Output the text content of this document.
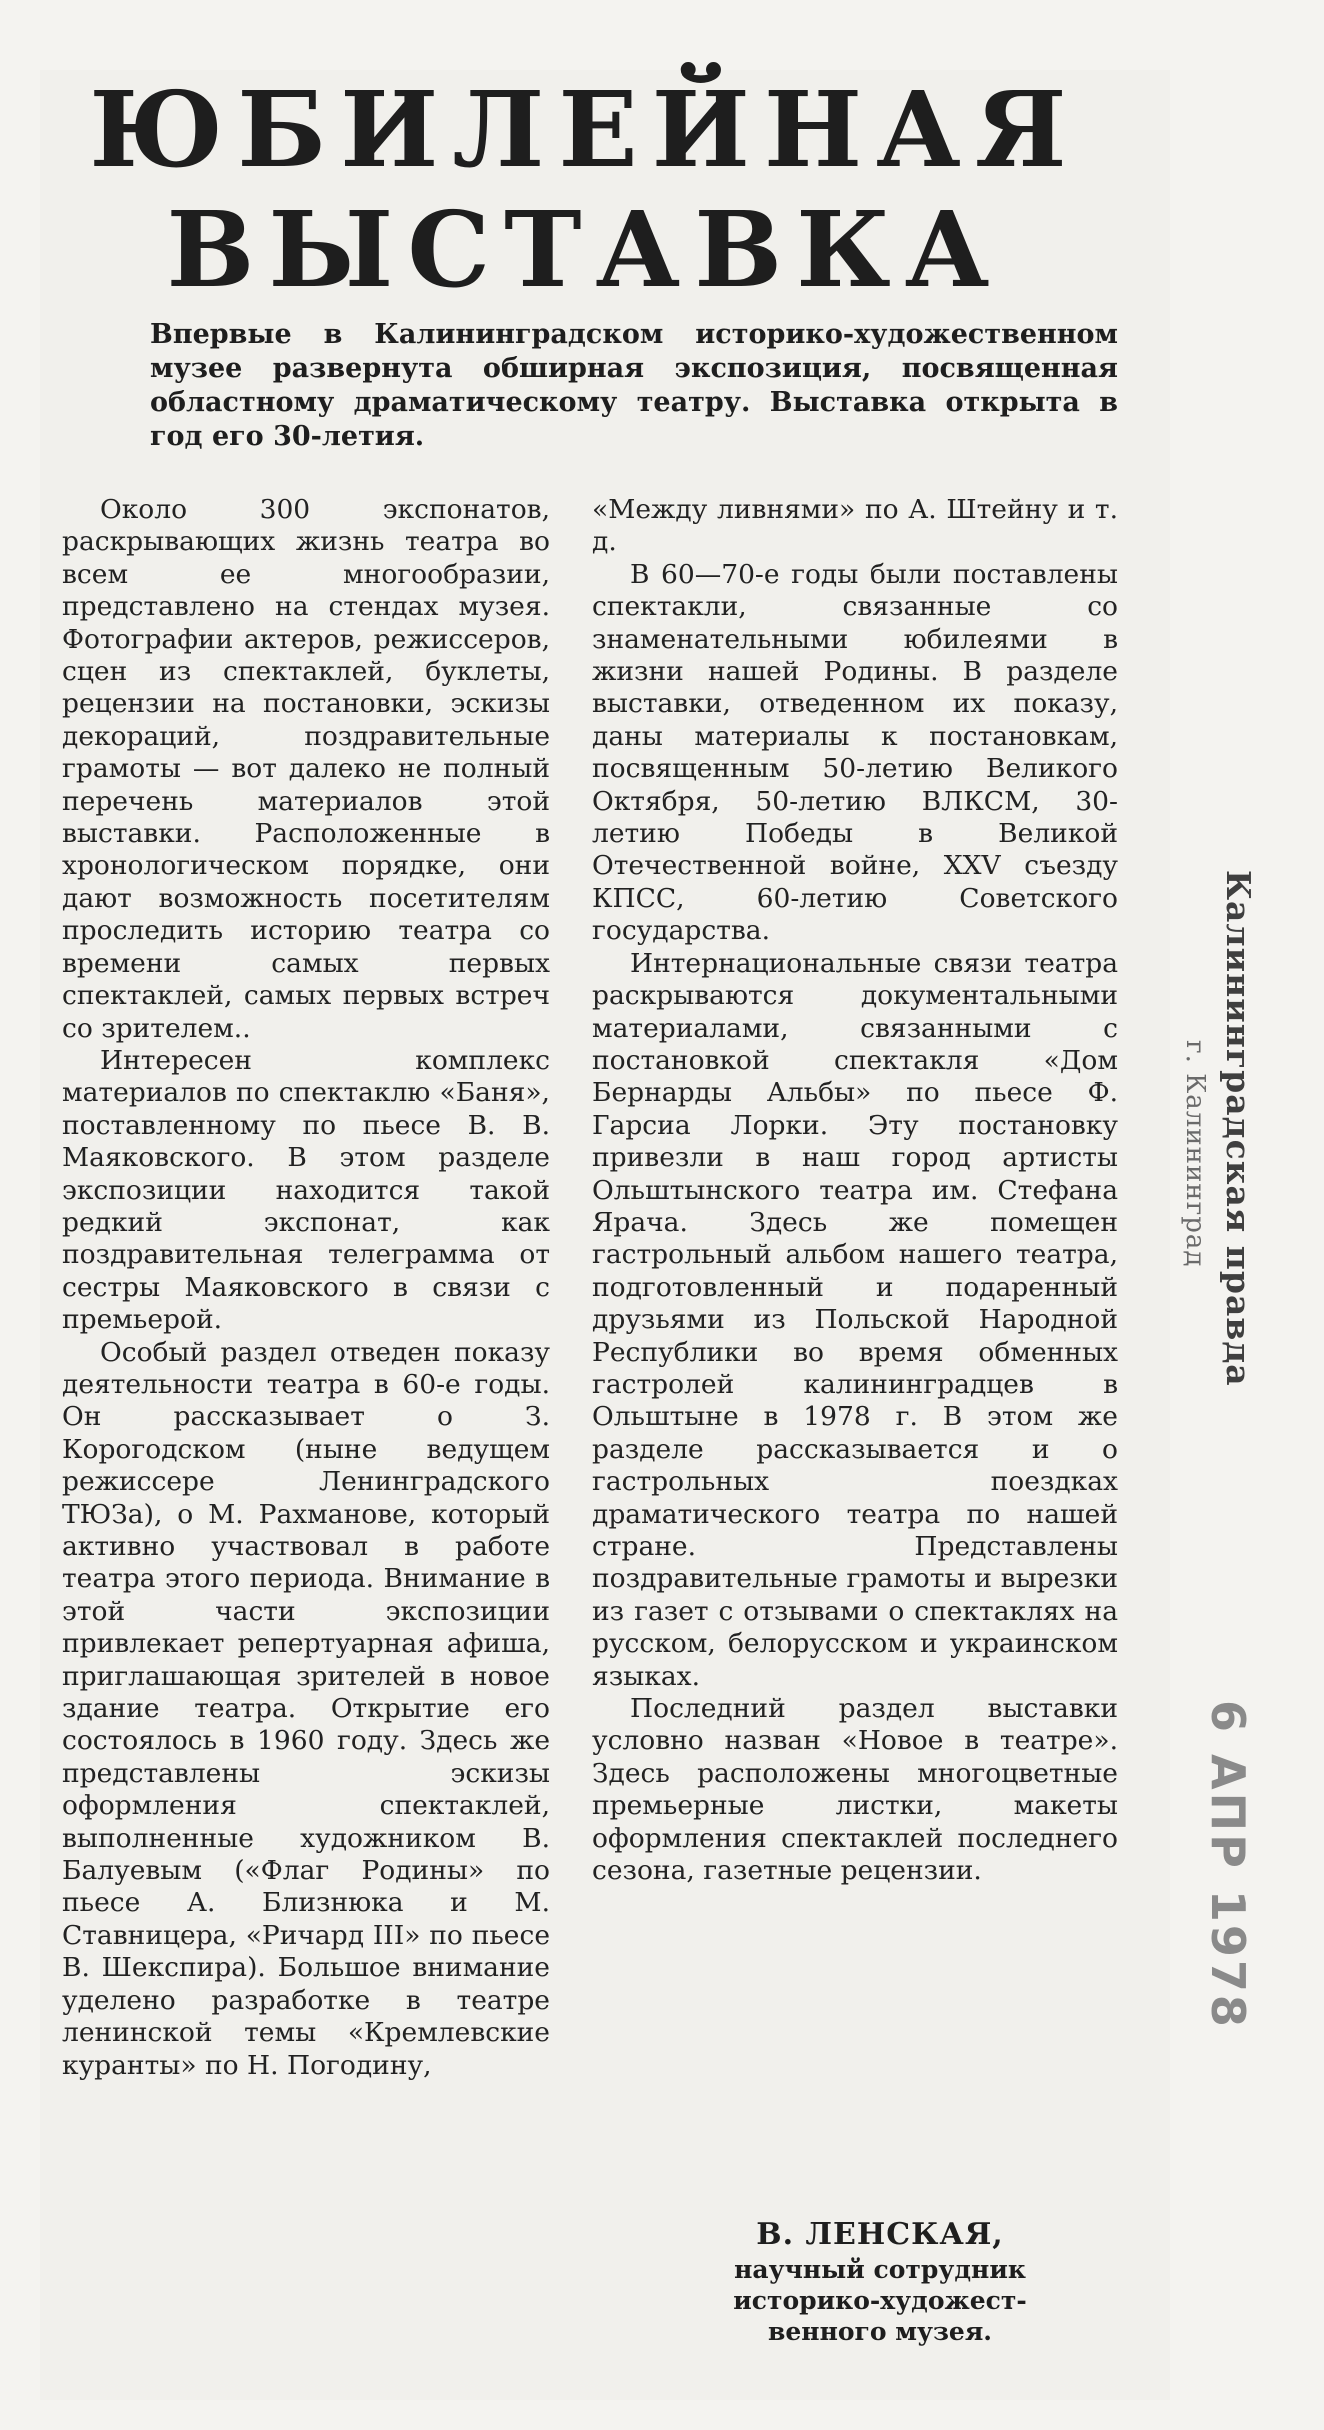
ЮБИЛЕЙНАЯ
ВЫСТАВКА

Впервые в Калининградском историко-художественном музее развернута обширная экспозиция, посвященная областному драматическому театру. Выставка открыта в год его 30-летия.

Около 300 экспонатов, раскрывающих жизнь театра во всем ее многообразии, представлено на стендах музея. Фотографии актеров, режиссеров, сцен из спектаклей, буклеты, рецензии на постановки, эскизы декораций, поздравительные грамоты — вот далеко не полный перечень материалов этой выставки. Расположенные в хронологическом порядке, они дают возможность посетителям проследить историю театра со времени самых первых спектаклей, самых первых встреч со зрителем..

Интересен комплекс материалов по спектаклю «Баня», поставленному по пьесе В. В. Маяковского. В этом разделе экспозиции находится такой редкий экспонат, как поздравительная телеграмма от сестры Маяковского в связи с премьерой.

Особый раздел отведен показу деятельности театра в 60-е годы. Он рассказывает о З. Корогодском (ныне ведущем режиссере Ленинградского ТЮЗа), о М. Рахманове, который активно участвовал в работе театра этого периода. Внимание в этой части экспозиции привлекает репертуарная афиша, приглашающая зрителей в новое здание театра. Открытие его состоялось в 1960 году. Здесь же представлены эскизы оформления спектаклей, выполненные художником В. Балуевым («Флаг Родины» по пьесе А. Близнюка и М. Ставницера, «Ричард III» по пьесе В. Шекспира). Большое внимание уделено разработке в театре ленинской темы «Кремлевские куранты» по Н. Погодину,

«Между ливнями» по А. Штейну и т. д.

В 60—70-е годы были поставлены спектакли, связанные со знаменательными юбилеями в жизни нашей Родины. В разделе выставки, отведенном их показу, даны материалы к постановкам, посвященным 50-летию Великого Октября, 50-летию ВЛКСМ, 30-летию Победы в Великой Отечественной войне, XXV съезду КПСС, 60-летию Советского государства.

Интернациональные связи театра раскрываются документальными материалами, связанными с постановкой спектакля «Дом Бернарды Альбы» по пьесе Ф. Гарсиа Лорки. Эту постановку привезли в наш город артисты Ольштынского театра им. Стефана Ярача. Здесь же помещен гастрольный альбом нашего театра, подготовленный и подаренный друзьями из Польской Народной Республики во время обменных гастролей калининградцев в Ольштыне в 1978 г. В этом же разделе рассказывается и о гастрольных поездках драматического театра по нашей стране. Представлены поздравительные грамоты и вырезки из газет с отзывами о спектаклях на русском, белорусском и украинском языках.

Последний раздел выставки условно назван «Новое в театре». Здесь расположены многоцветные премьерные листки, макеты оформления спектаклей последнего сезона, газетные рецензии.

В. ЛЕНСКАЯ,
научный сотрудник
историко-художест-
венного музея.
Калининградская правда
г. Калининград
6 АПР 1978
